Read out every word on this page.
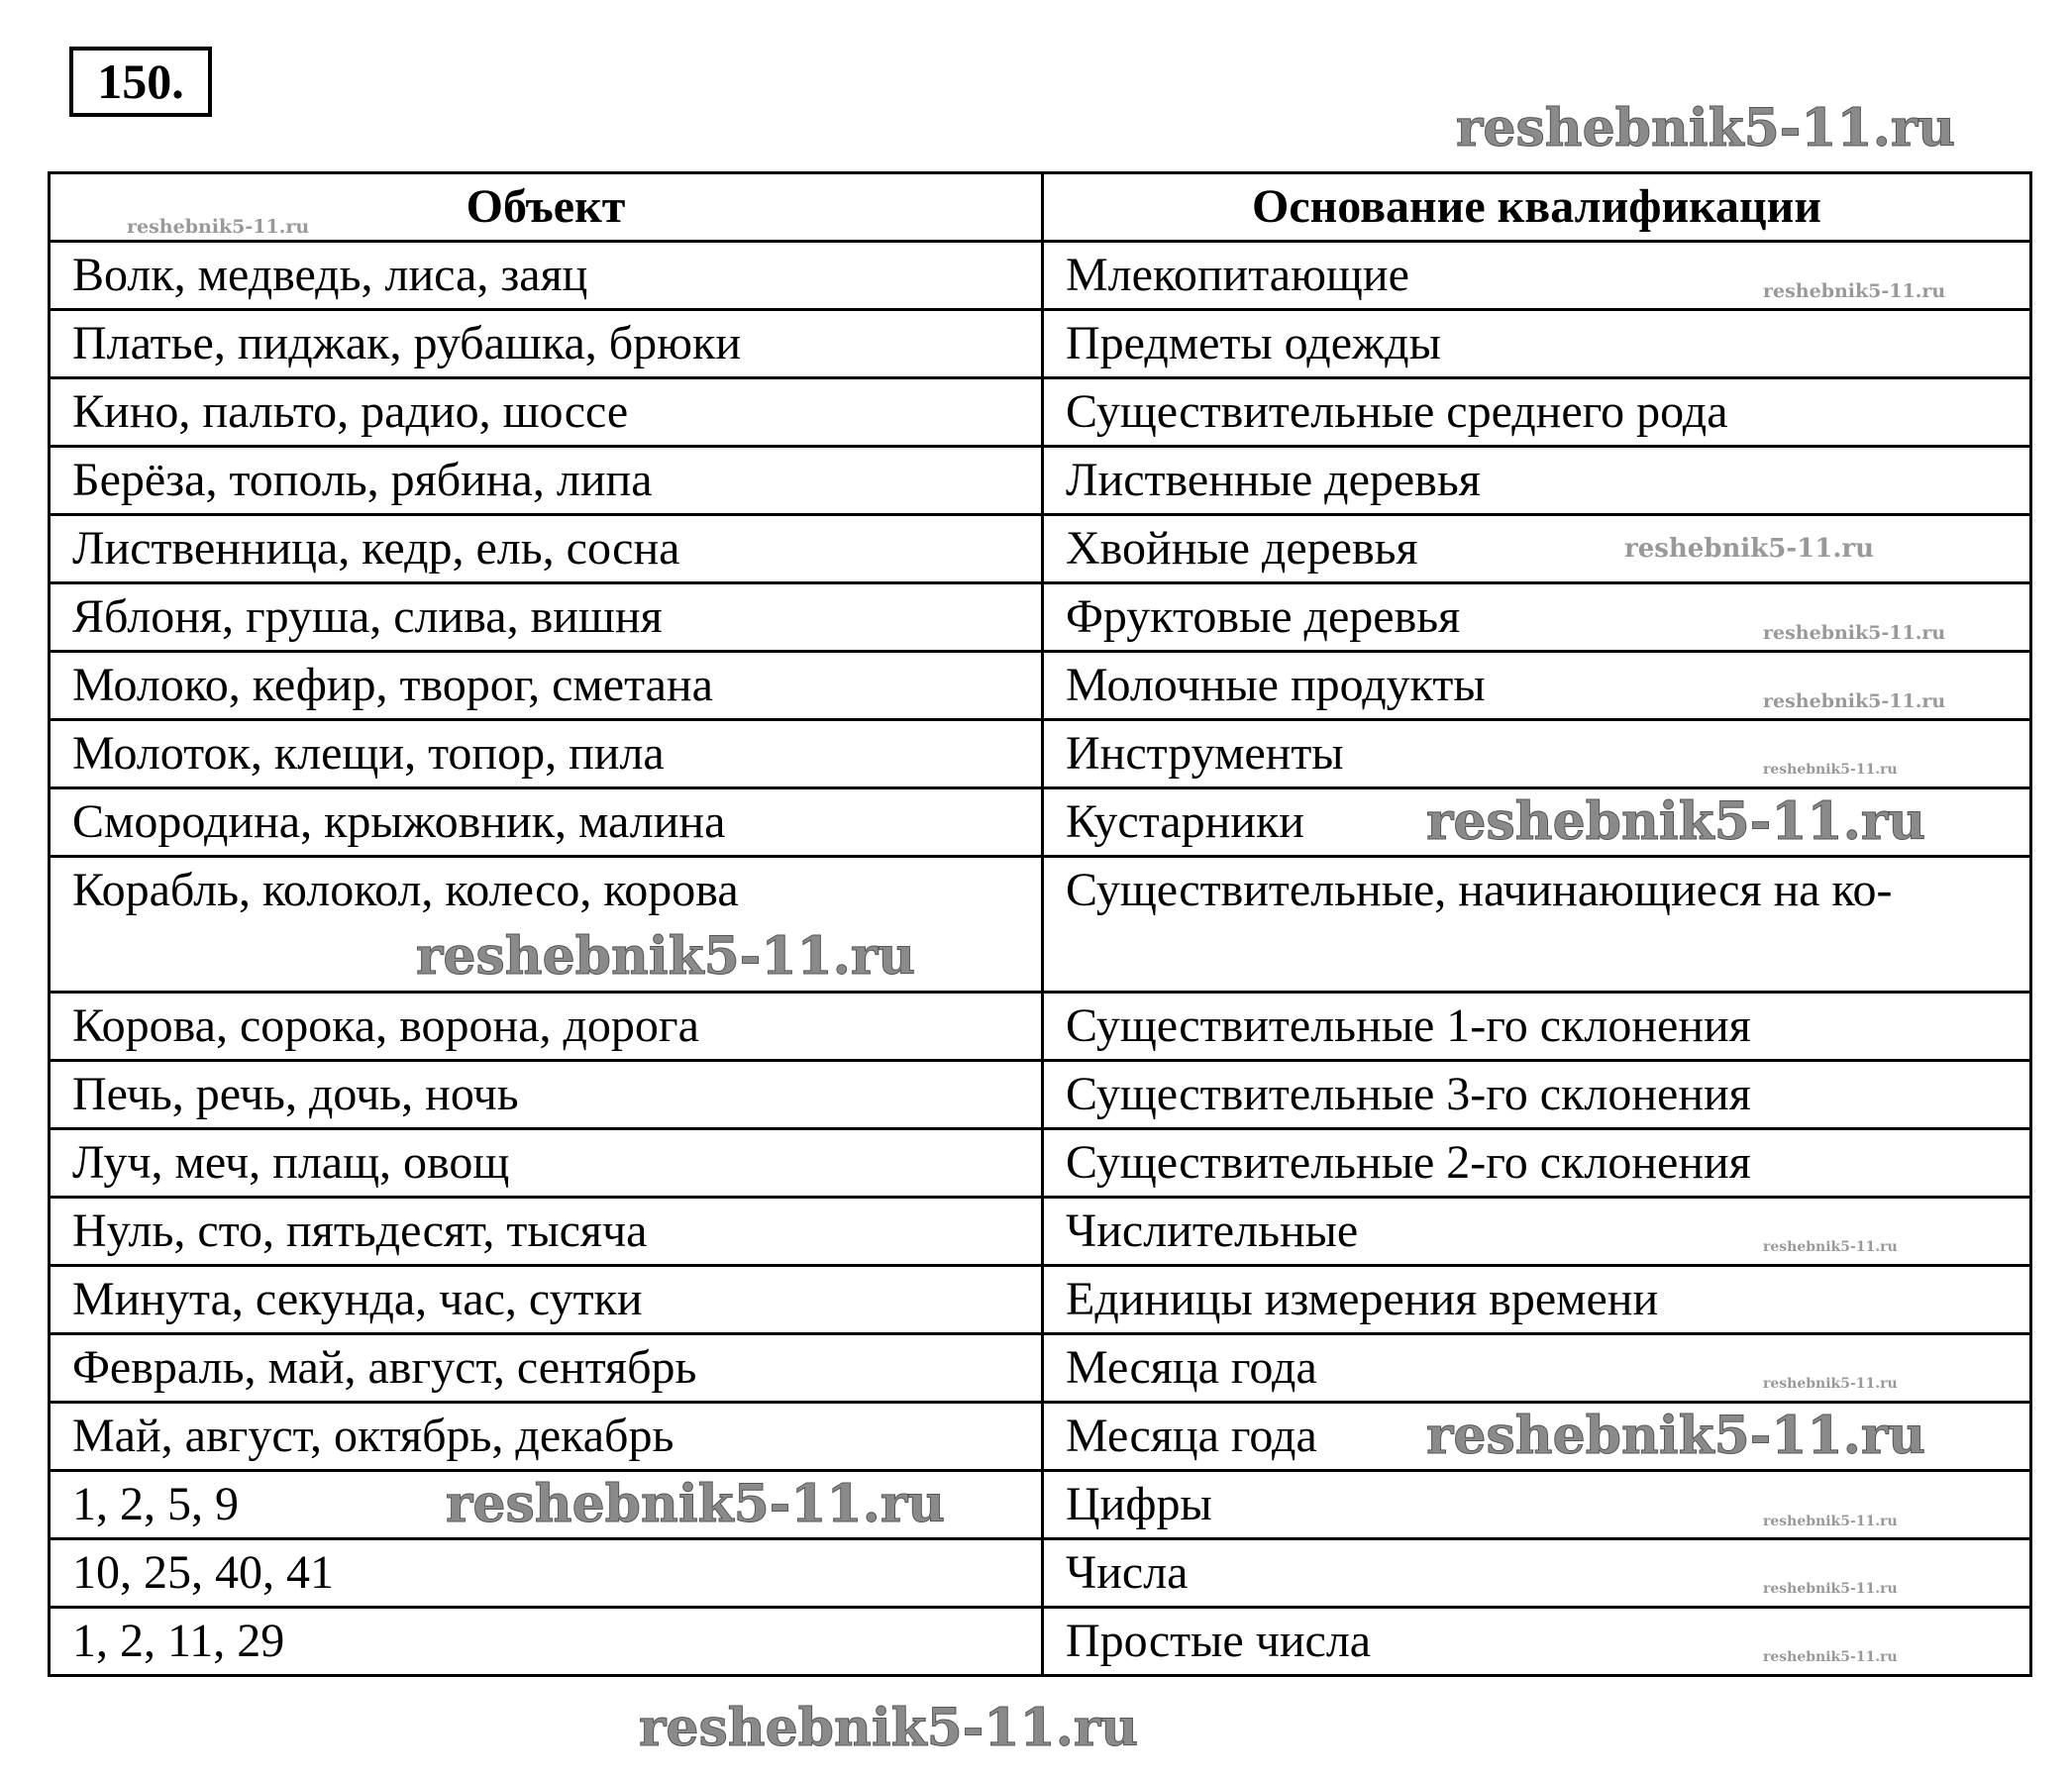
150.
Объект	Основание квалификации
Волк, медведь, лиса, заяц	Млекопитающие
Платье, пиджак, рубашка, брюки	Предметы одежды
Кино, пальто, радио, шоссе	Существительные среднего рода
Берёза, тополь, рябина, липа	Лиственные деревья
Лиственница, кедр, ель, сосна	Хвойные деревья
Яблоня, груша, слива, вишня	Фруктовые деревья
Молоко, кефир, творог, сметана	Молочные продукты
Молоток, клещи, топор, пила	Инструменты
Смородина, крыжовник, малина	Кустарники
Корабль, колокол, колесо, корова	Существительные, начинающиеся на ко-
Корова, сорока, ворона, дорога	Существительные 1-го склонения
Печь, речь, дочь, ночь	Существительные 3-го склонения
Луч, меч, плащ, овощ	Существительные 2-го склонения
Нуль, сто, пятьдесят, тысяча	Числительные
Минута, секунда, час, сутки	Единицы измерения времени
Февраль, май, август, сентябрь	Месяца года
Май, август, октябрь, декабрь	Месяца года
1, 2, 5, 9	Цифры
10, 25, 40, 41	Числа
1, 2, 11, 29	Простые числа
reshebnik5-11.ru
reshebnik5-11.ru
reshebnik5-11.ru
reshebnik5-11.ru
reshebnik5-11.ru
reshebnik5-11.ru
reshebnik5-11.ru
reshebnik5-11.ru
reshebnik5-11.ru
reshebnik5-11.ru
reshebnik5-11.ru
reshebnik5-11.ru
reshebnik5-11.ru
reshebnik5-11.ru
reshebnik5-11.ru
reshebnik5-11.ru
reshebnik5-11.ru
